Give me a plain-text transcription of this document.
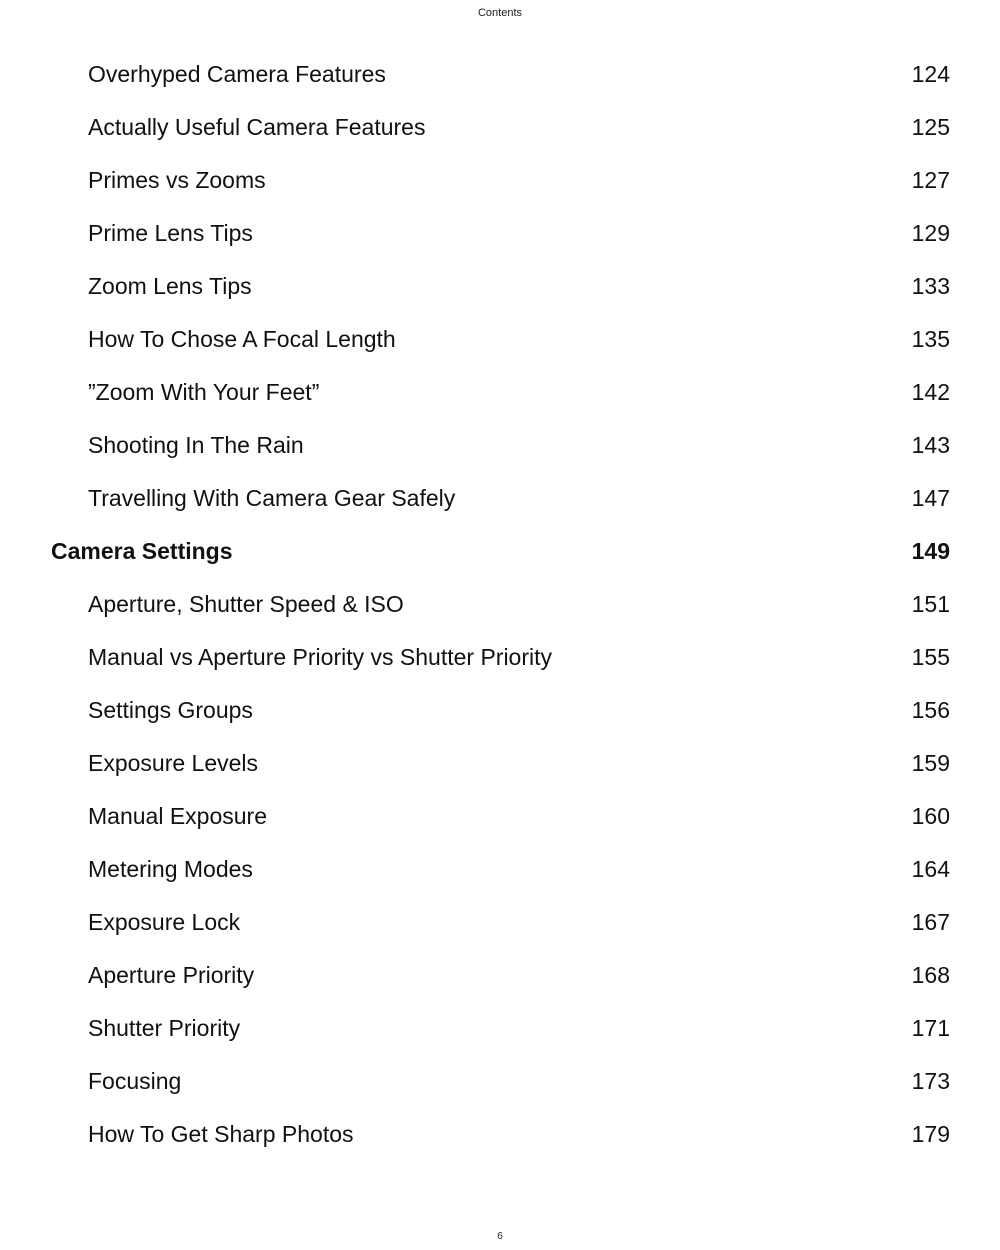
Contents
Overhyped Camera Features	124
Actually Useful Camera Features	125
Primes vs Zooms	127
Prime Lens Tips	129
Zoom Lens Tips	133
How To Chose A Focal Length	135
”Zoom With Your Feet”	142
Shooting In The Rain	143
Travelling With Camera Gear Safely	147
Camera Settings	149
Aperture, Shutter Speed & ISO	151
Manual vs Aperture Priority vs Shutter Priority	155
Settings Groups	156
Exposure Levels	159
Manual Exposure	160
Metering Modes	164
Exposure Lock	167
Aperture Priority	168
Shutter Priority	171
Focusing	173
How To Get Sharp Photos	179
6
